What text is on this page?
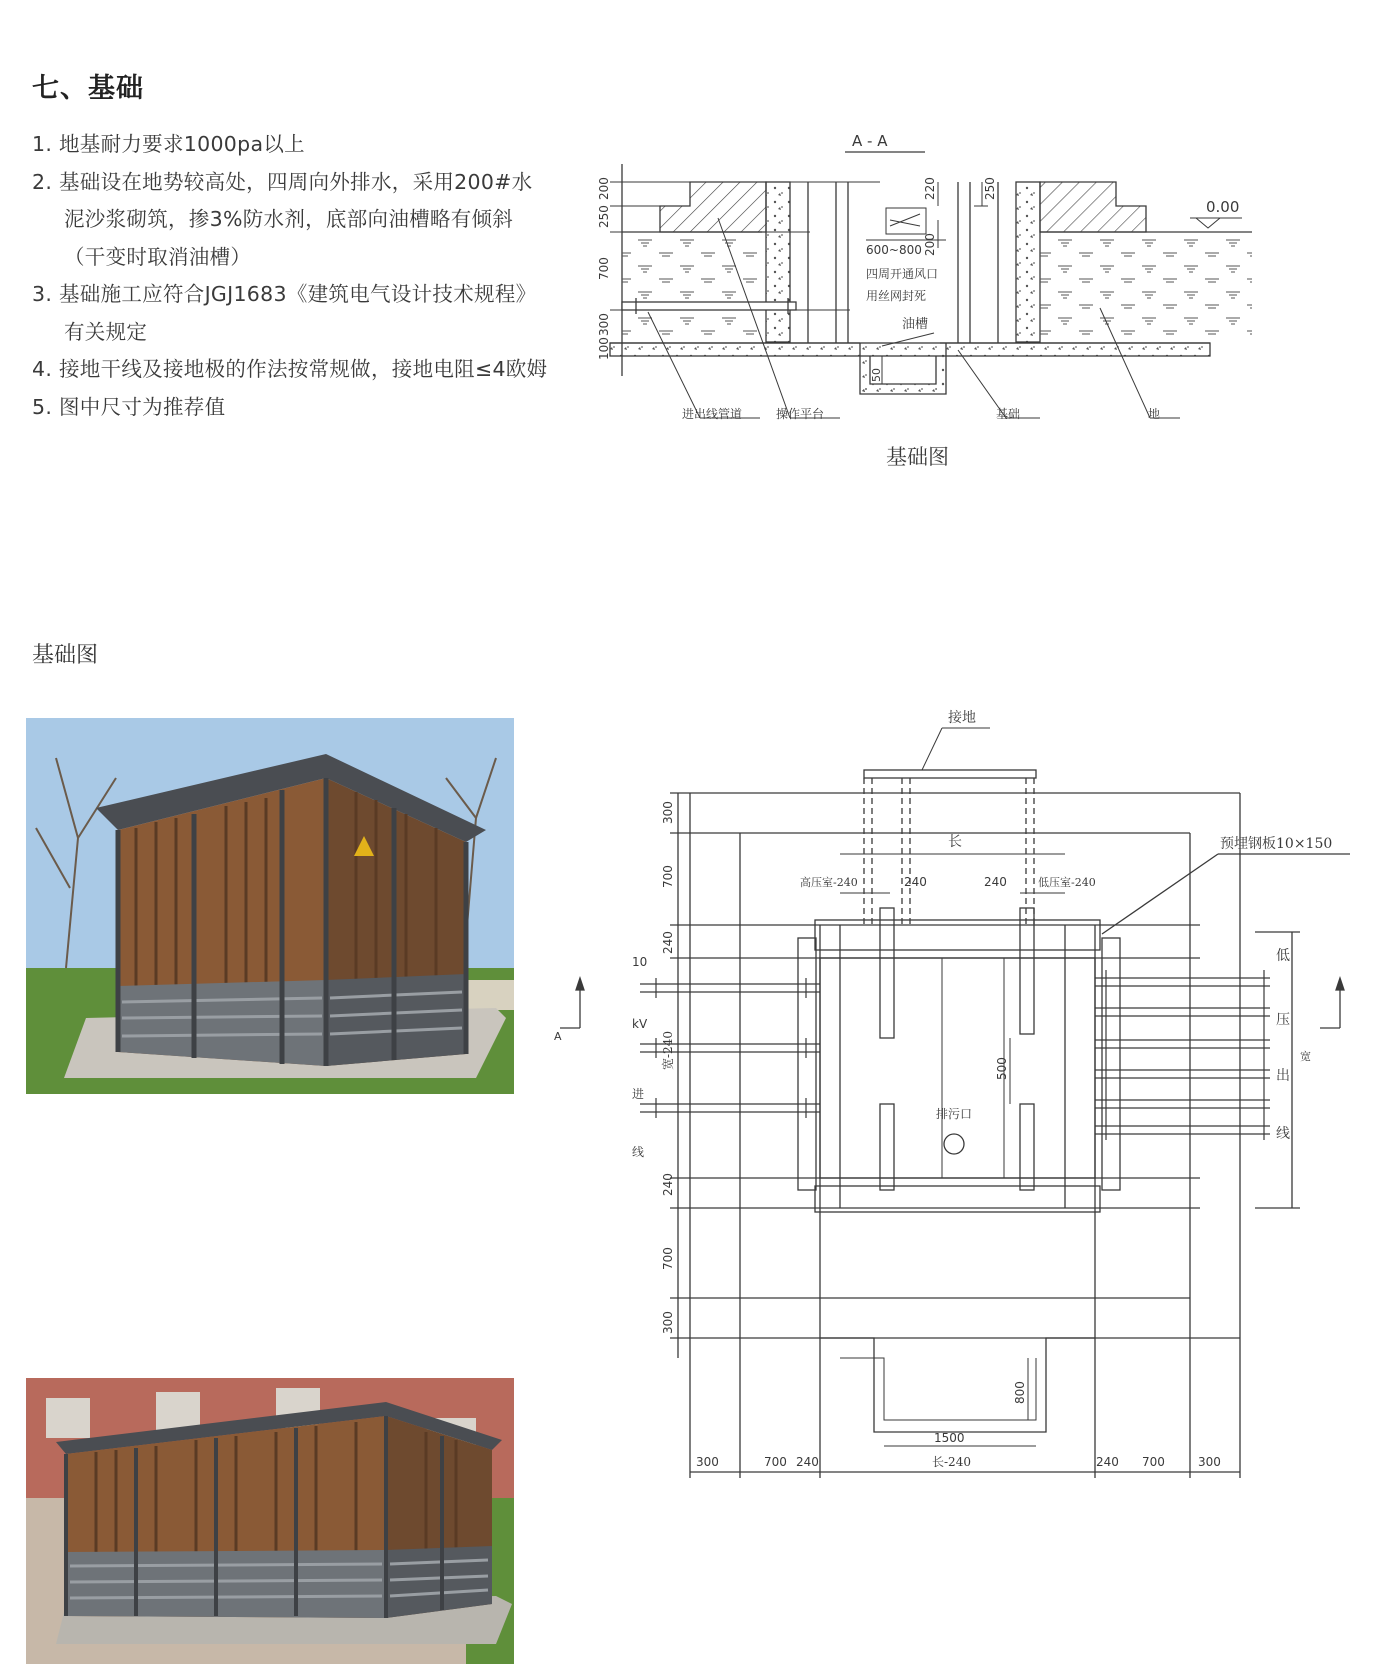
七、基础
1. 地基耐力要求1000pa以上
2. 基础设在地势较高处，四周向外排水，采用200#水泥沙浆砌筑，掺3%防水剂，底部向油槽略有倾斜（干变时取消油槽）
3. 基础施工应符合JGJ1683《建筑电气设计技术规程》有关规定
4. 接地干线及接地极的作法按常规做，接地电阻≤4欧姆
5. 图中尺寸为推荐值
基础图
A - A
0.00
200
250
700
300
100
220	250
200
600~800
四周开通风口
用丝网封死
油槽
50
进出线管道	操作平台	基础	地
基础图
接地
长	预埋钢板10×150
高压室-240	低压室-240
240	240
500
排污口
10
kV
进
线
低
压
出
线
宽
A
300
700
240
宽-240
240
700
300
300	700 240	长-240	240 700	300
1500
800
